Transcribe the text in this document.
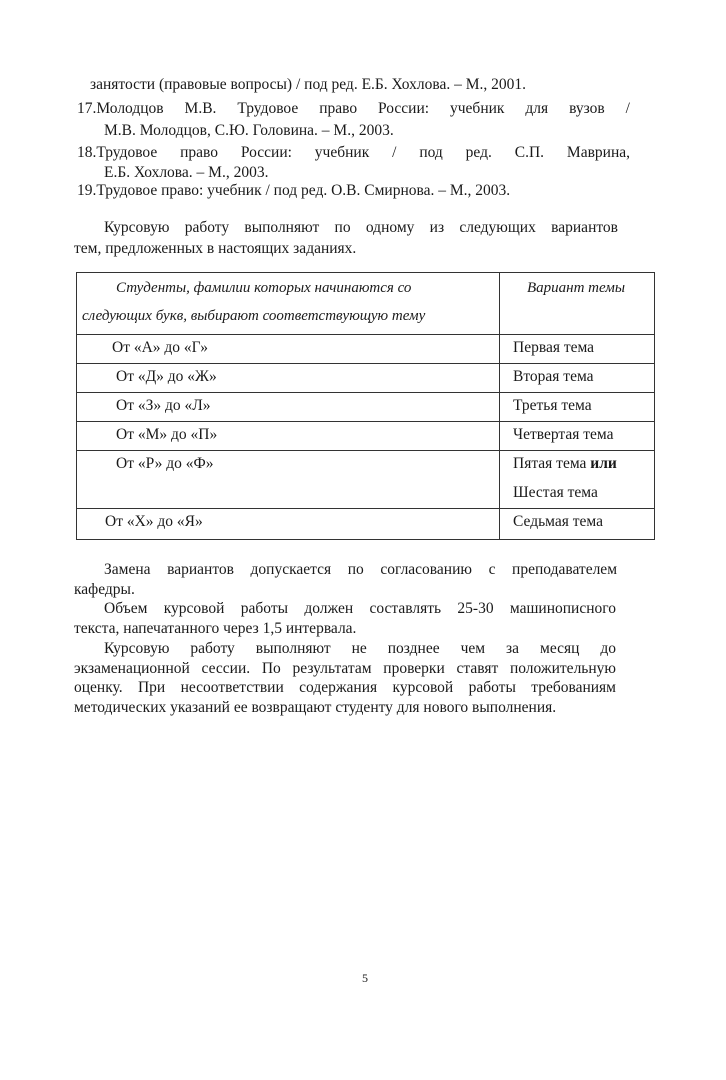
занятости (правовые вопросы) / под ред. Е.Б. Хохлова. – М., 2001.
17.Молодцов М.В. Трудовое право России: учебник для вузов /
М.В. Молодцов, С.Ю. Головина. – М., 2003.
18.Трудовое право России: учебник / под ред. С.П. Маврина,
Е.Б. Хохлова. – М., 2003.
19.Трудовое право: учебник / под ред. О.В. Смирнова. – М., 2003.
Курсовую работу выполняют по одному из следующих вариантов
тем, предложенных в настоящих заданиях.
Студенты, фамилии которых начинаются со
следующих букв, выбирают соответствующую тему
Вариант темы
От «А» до «Г»	Первая тема
От «Д» до «Ж»	Вторая тема
От «З» до «Л»	Третья тема
От «М» до «П»	Четвертая тема
От «Р» до «Ф»	Пятая тема или
Шестая тема
От «Х» до «Я»	Седьмая тема
Замена вариантов допускается по согласованию с преподавателем
кафедры.
Объем курсовой работы должен составлять 25-30 машинописного
текста, напечатанного через 1,5 интервала.
Курсовую работу выполняют не позднее чем за месяц до
экзаменационной сессии. По результатам проверки ставят положительную
оценку. При несоответствии содержания курсовой работы требованиям
методических указаний ее возвращают студенту для нового выполнения.
5
